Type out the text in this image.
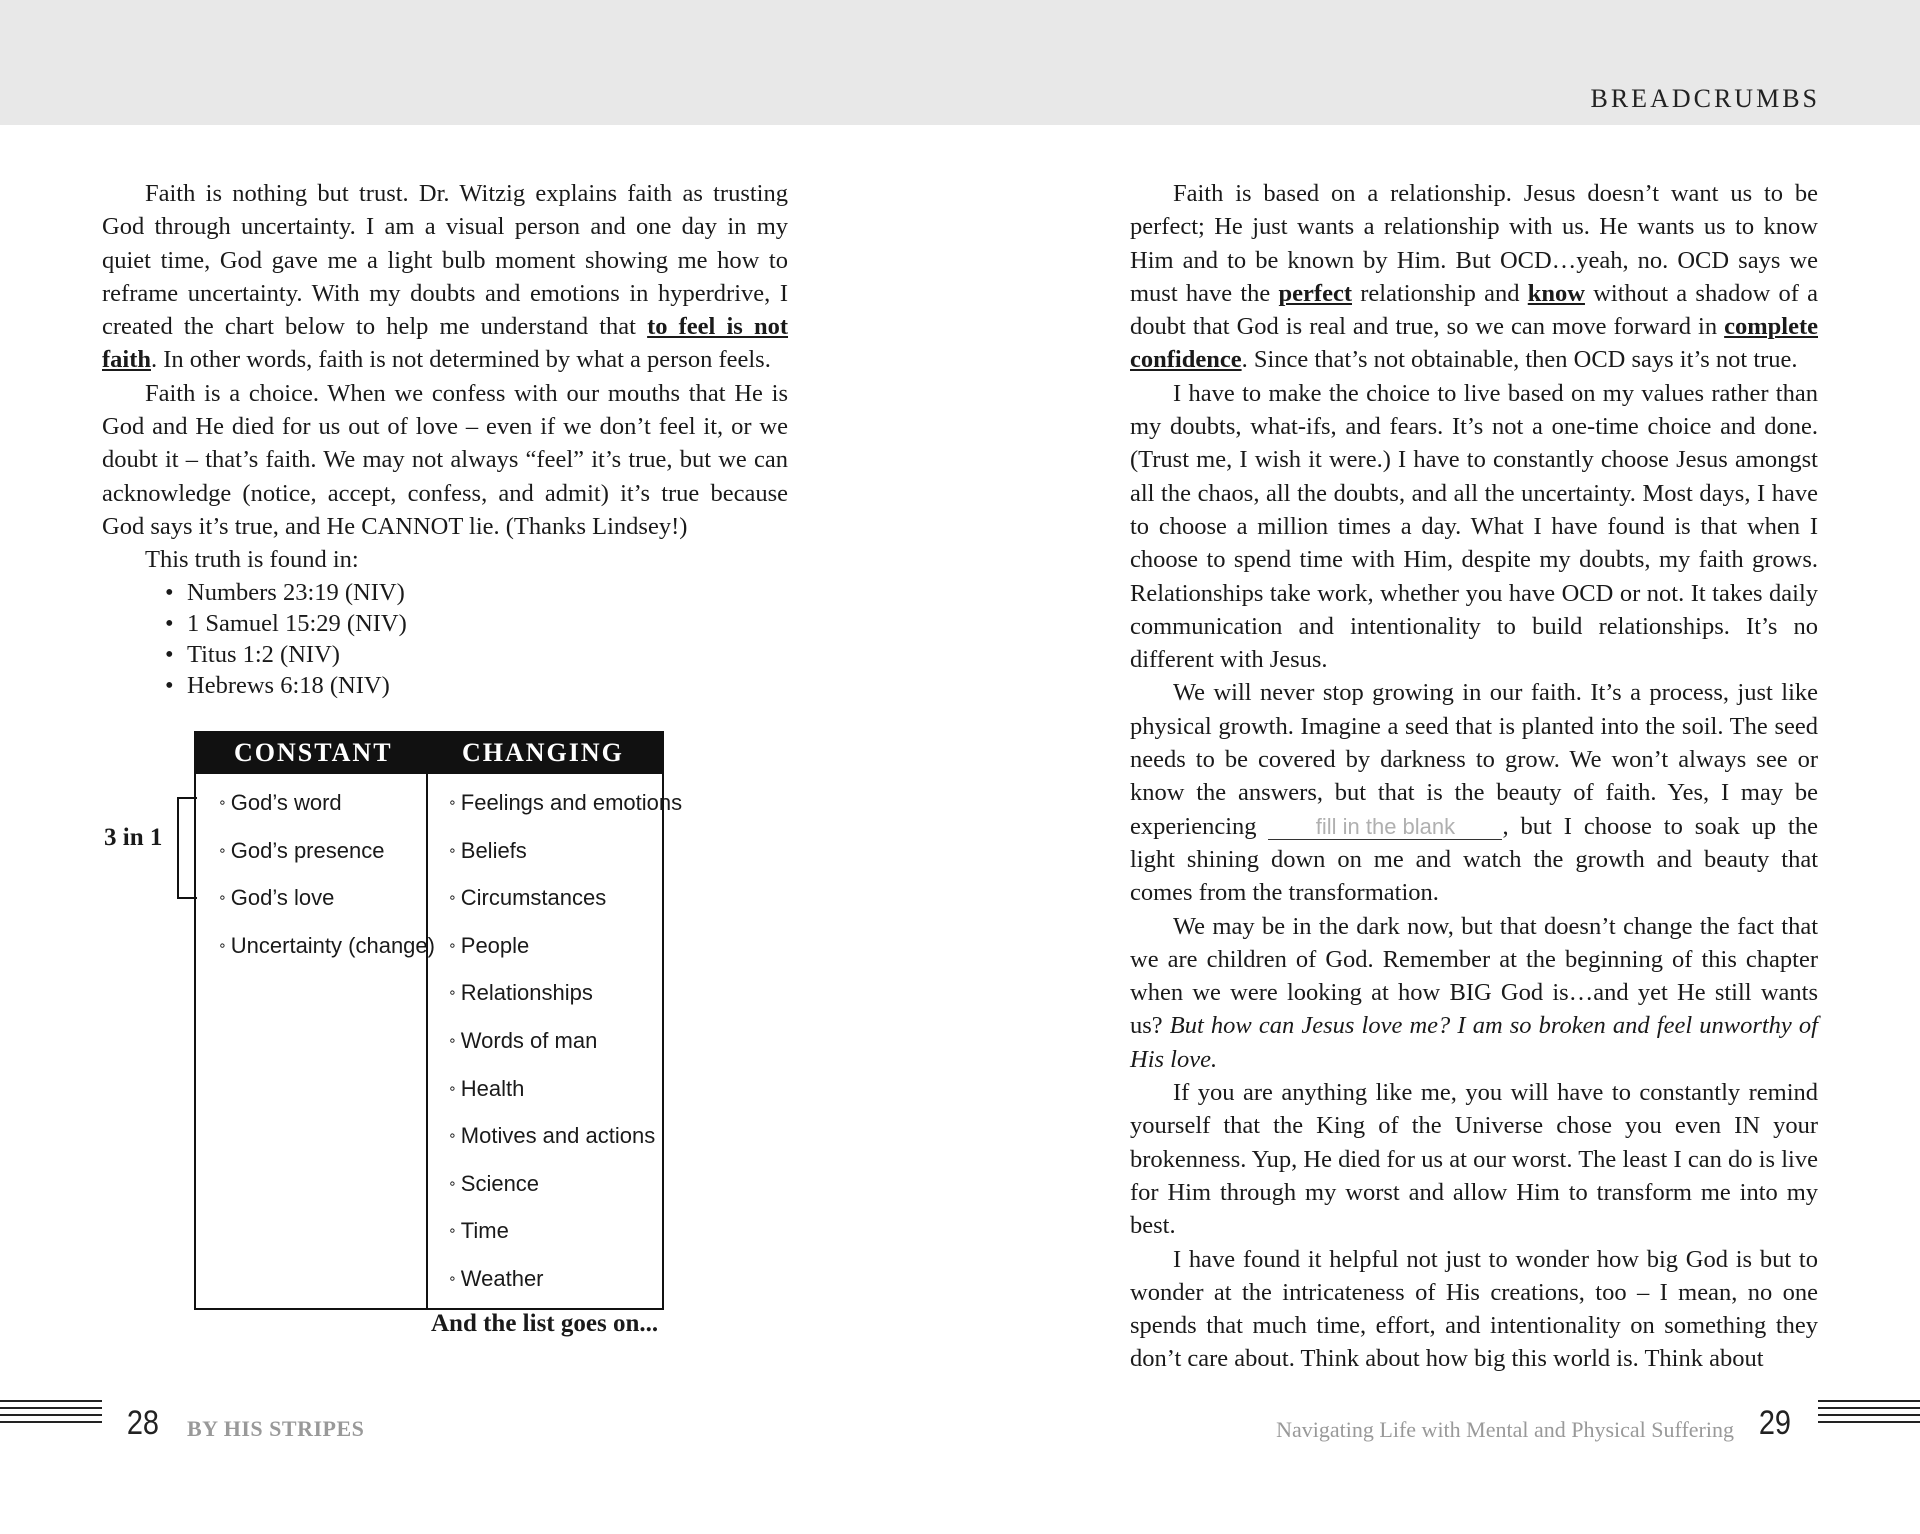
BREADCRUMBS

Faith is nothing but trust. Dr. Witzig explains faith as trusting God through uncertainty. I am a visual person and one day in my quiet time, God gave me a light bulb moment showing me how to reframe uncertainty. With my doubts and emotions in hyperdrive, I created the chart below to help me understand that to feel is not faith. In other words, faith is not determined by what a person feels.

Faith is a choice. When we confess with our mouths that He is God and He died for us out of love – even if we don’t feel it, or we doubt it – that’s faith. We may not always “feel” it’s true, but we can acknowledge (notice, accept, confess, and admit) it’s true because God says it’s true, and He CANNOT lie. (Thanks Lindsey!)

This truth is found in:

• Numbers 23:19 (NIV)
• 1 Samuel 15:29 (NIV)
• Titus 1:2 (NIV)
• Hebrews 6:18 (NIV)
CONSTANT	CHANGING
∘ God’s word
∘ God’s presence
∘ God’s love
∘ Uncertainty (change)
∘ Feelings and emotions
∘ Beliefs
∘ Circumstances
∘ People
∘ Relationships
∘ Words of man
∘ Health
∘ Motives and actions
∘ Science
∘ Time
∘ Weather
3 in 1
And the list goes on...

Faith is based on a relationship. Jesus doesn’t want us to be perfect; He just wants a relationship with us. He wants us to know Him and to be known by Him. But OCD…yeah, no. OCD says we must have the perfect relationship and know without a shadow of a doubt that God is real and true, so we can move forward in complete confidence. Since that’s not obtainable, then OCD says it’s not true.

I have to make the choice to live based on my values rather than my doubts, what-ifs, and fears. It’s not a one-time choice and done. (Trust me, I wish it were.) I have to constantly choose Jesus amongst all the chaos, all the doubts, and all the uncertainty. Most days, I have to choose a million times a day. What I have found is that when I choose to spend time with Him, despite my doubts, my faith grows. Relationships take work, whether you have OCD or not. It takes daily communication and intentionality to build relationships. It’s no different with Jesus.

We will never stop growing in our faith. It’s a process, just like physical growth. Imagine a seed that is planted into the soil. The seed needs to be covered by darkness to grow. We won’t always see or know the answers, but that is the beauty of faith. Yes, I may be experiencing fill in the blank , but I choose to soak up the light shining down on me and watch the growth and beauty that comes from the transformation.

We may be in the dark now, but that doesn’t change the fact that we are children of God. Remember at the beginning of this chapter when we were looking at how BIG God is…and yet He still wants us? But how can Jesus love me? I am so broken and feel unworthy of His love.

If you are anything like me, you will have to constantly remind yourself that the King of the Universe chose you even IN your brokenness. Yup, He died for us at our worst. The least I can do is live for Him through my worst and allow Him to transform me into my best.

I have found it helpful not just to wonder how big God is but to wonder at the intricateness of His creations, too – I mean, no one spends that much time, effort, and intentionality on something they don’t care about. Think about how big this world is. Think about

28 BY HIS STRIPES	Navigating Life with Mental and Physical Suffering 29
